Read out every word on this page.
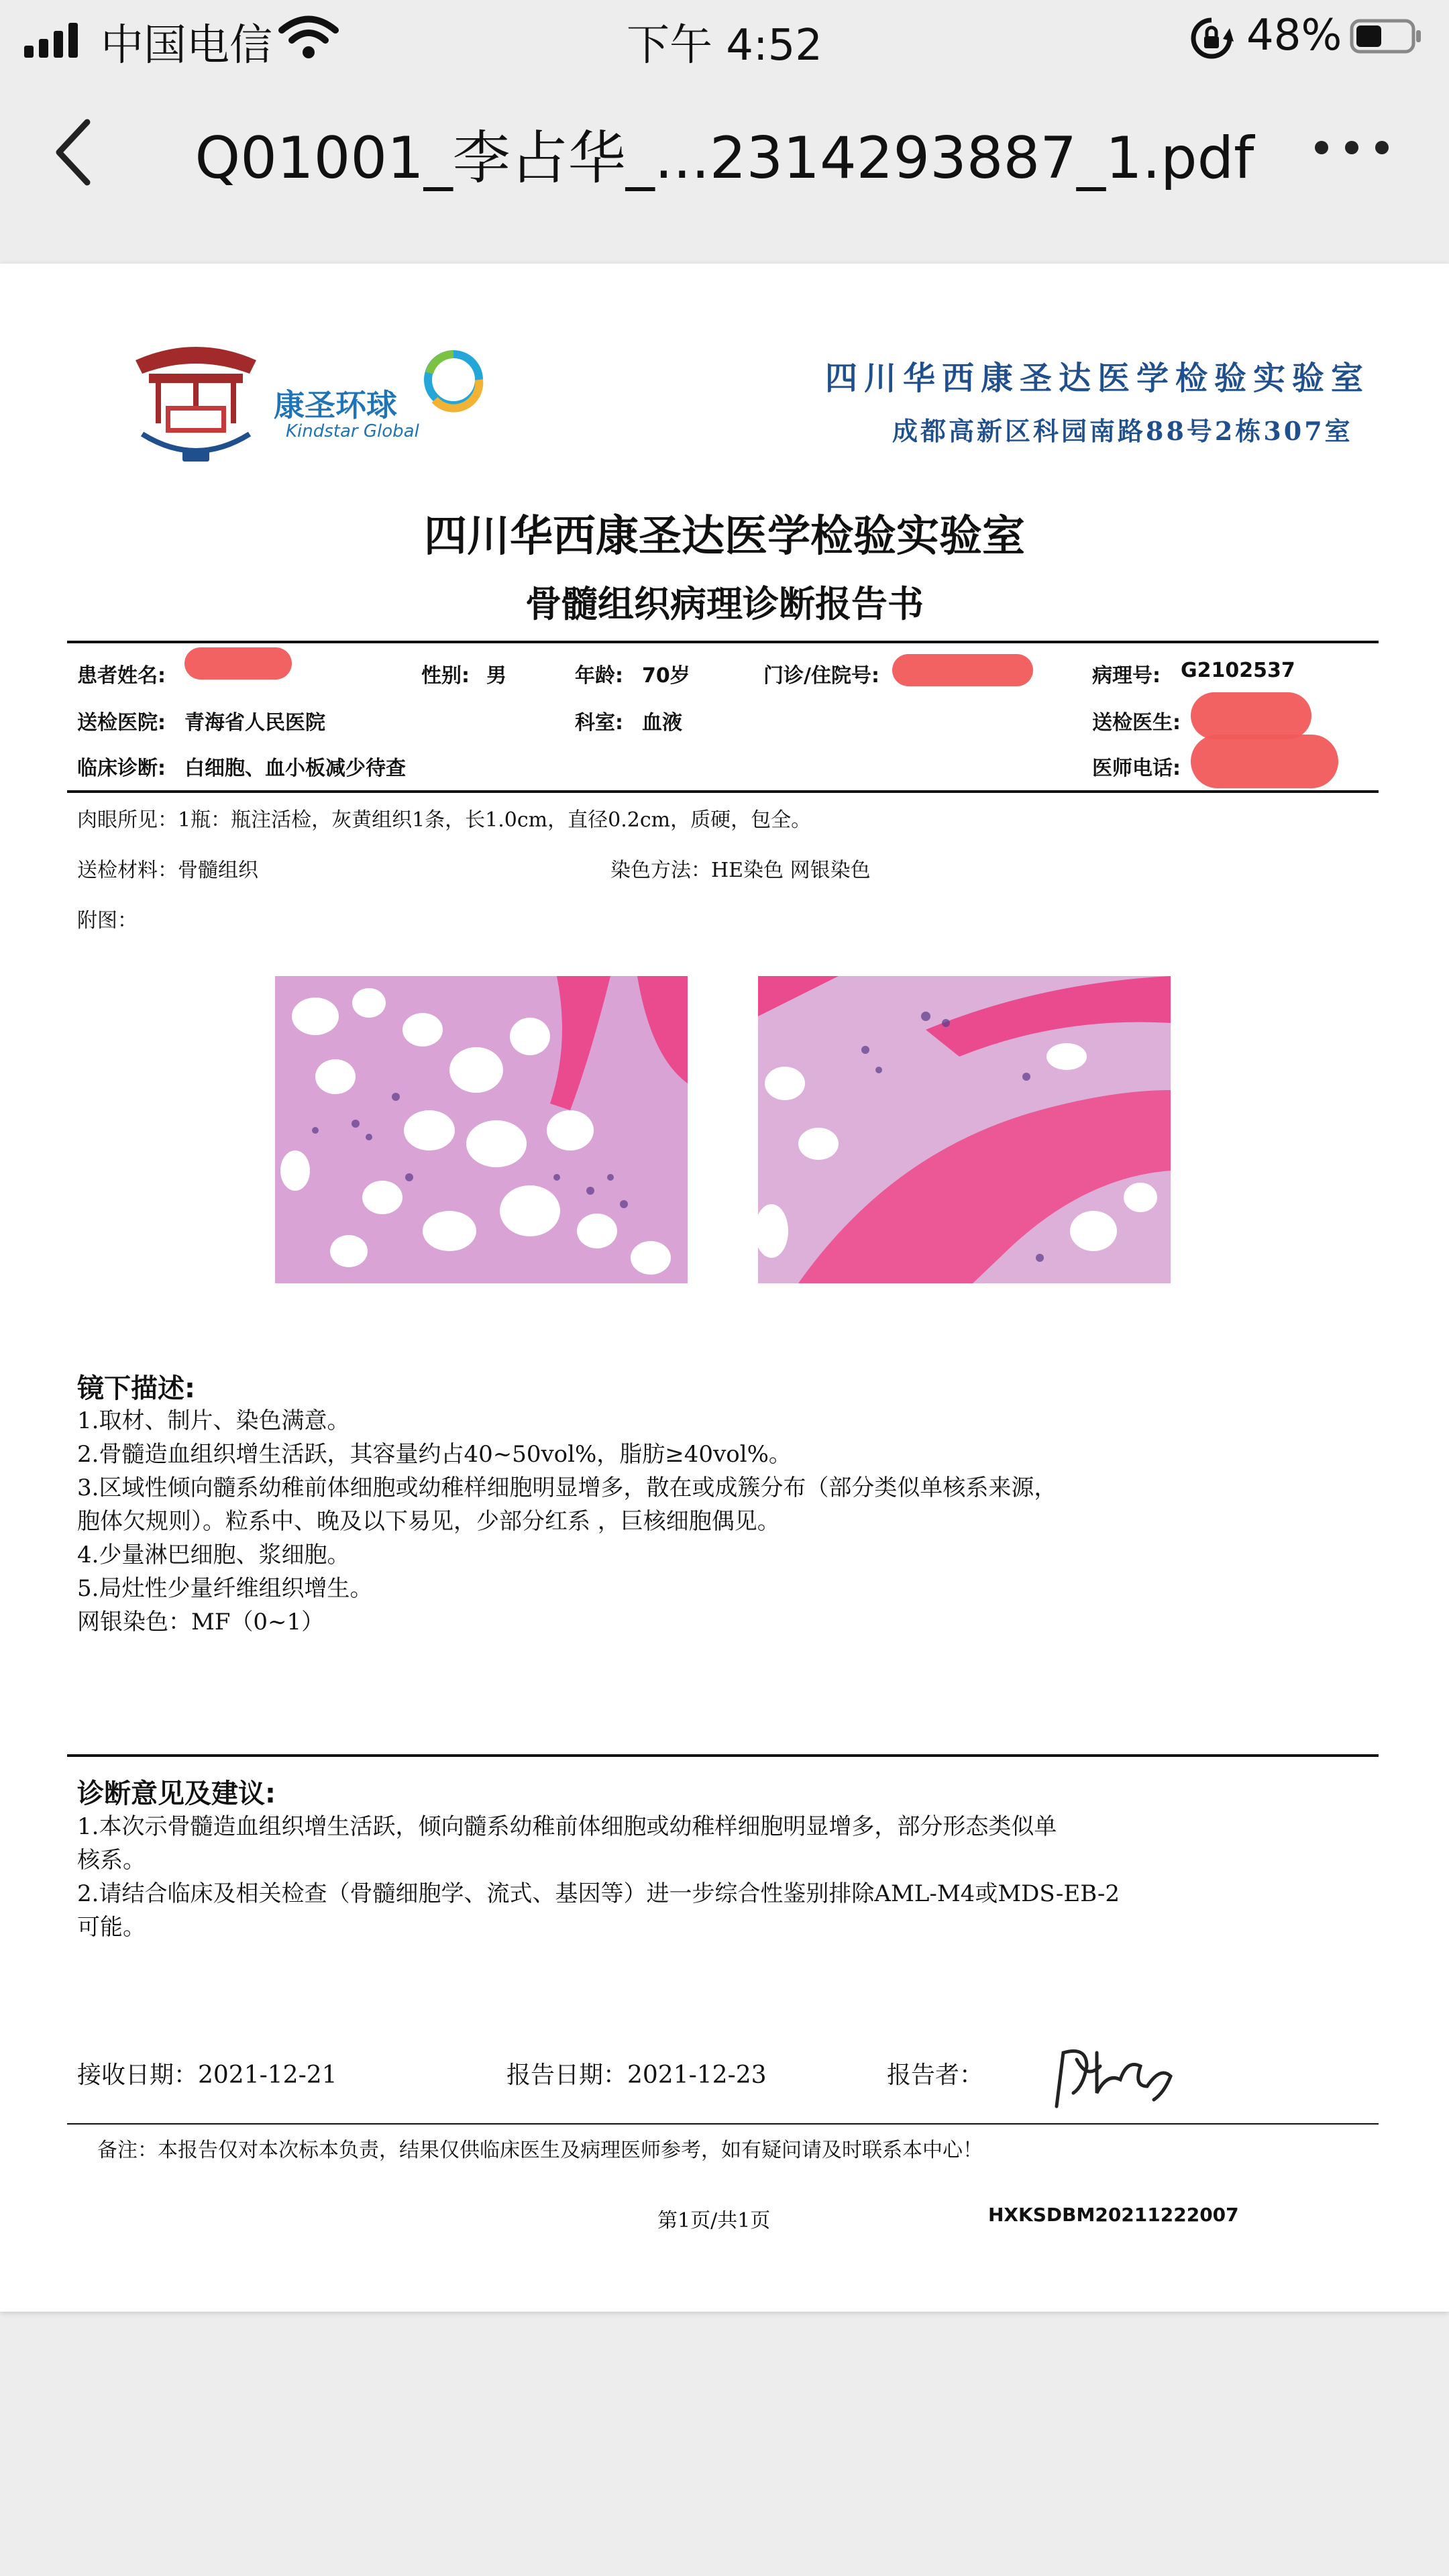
中国电信	下午 4:52	48%
Q01001_李占华_...2314293887_1.pdf
康圣环球
Kindstar Global
四川华西康圣达医学检验实验室
成都高新区科园南路88号2栋307室
四川华西康圣达医学检验实验室
骨髓组织病理诊断报告书
患者姓名:	性别: 男	年龄: 70岁	门诊/住院号:	病理号: G2102537
送检医院: 青海省人民医院	科室: 血液	送检医生:
临床诊断: 白细胞、血小板减少待查	医师电话:
肉眼所见：1瓶：瓶注活检，灰黄组织1条，长1.0cm，直径0.2cm，质硬，包全。
送检材料：骨髓组织	染色方法：HE染色 网银染色
附图：
镜下描述:
1.取材、制片、染色满意。
2.骨髓造血组织增生活跃，其容量约占40~50vol%，脂肪≥40vol%。
3.区域性倾向髓系幼稚前体细胞或幼稚样细胞明显增多，散在或成簇分布（部分类似单核系来源，
胞体欠规则）。粒系中、晚及以下易见，少部分红系 ，巨核细胞偶见。
4.少量淋巴细胞、浆细胞。
5.局灶性少量纤维组织增生。
网银染色：MF（0~1）
诊断意见及建议:
1.本次示骨髓造血组织增生活跃，倾向髓系幼稚前体细胞或幼稚样细胞明显增多，部分形态类似单
核系。
2.请结合临床及相关检查（骨髓细胞学、流式、基因等）进一步综合性鉴别排除AML-M4或MDS-EB-2
可能。
接收日期：2021-12-21	报告日期：2021-12-23	报告者：
备注：本报告仅对本次标本负责，结果仅供临床医生及病理医师参考，如有疑问请及时联系本中心！
第1页/共1页	HXKSDBM20211222007
